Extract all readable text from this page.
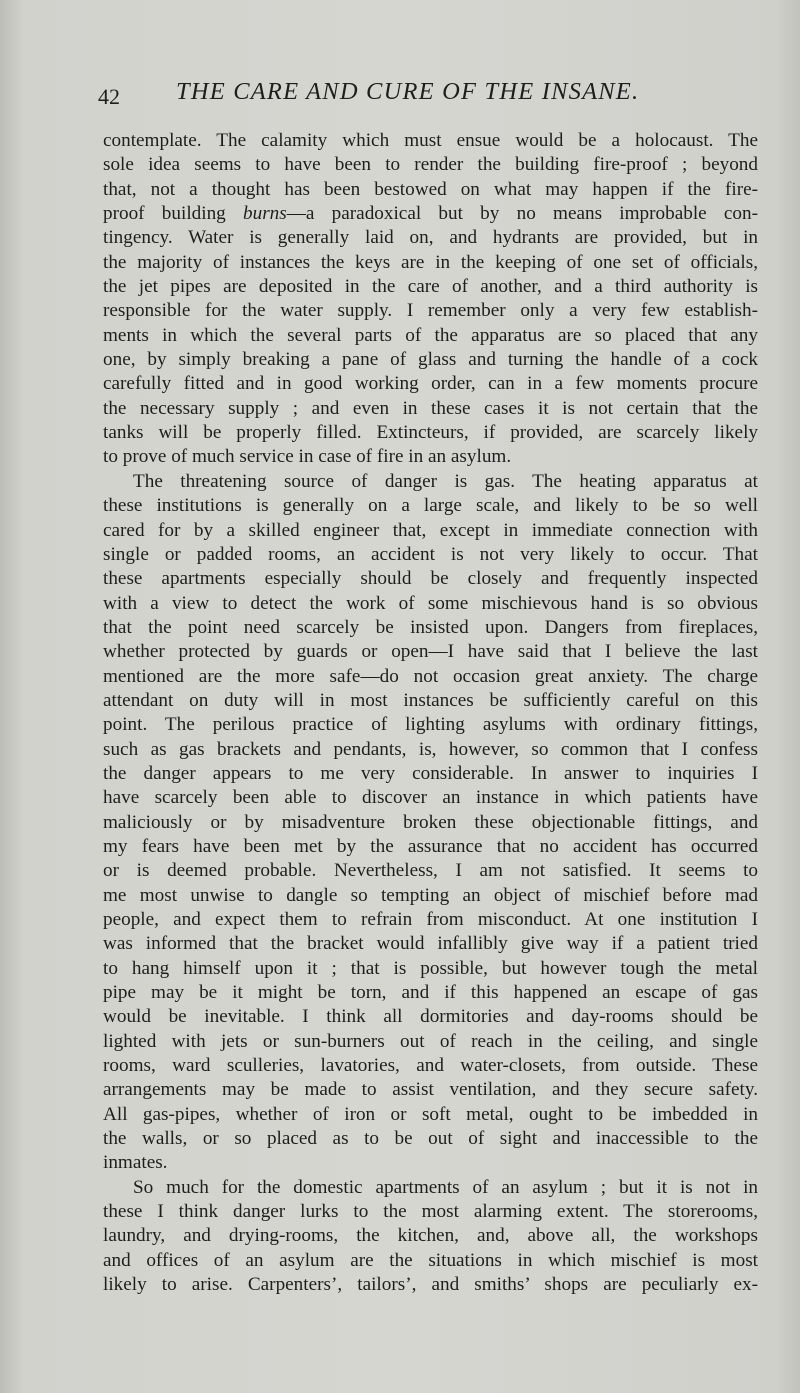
42 THE CARE AND CURE OF THE INSANE.
contemplate. The calamity which must ensue would be a holocaust. The
sole idea seems to have been to render the building fire-proof ; beyond
that, not a thought has been bestowed on what may happen if the fire-
proof building burns—a paradoxical but by no means improbable con-
tingency. Water is generally laid on, and hydrants are provided, but in
the majority of instances the keys are in the keeping of one set of officials,
the jet pipes are deposited in the care of another, and a third authority is
responsible for the water supply. I remember only a very few establish-
ments in which the several parts of the apparatus are so placed that any
one, by simply breaking a pane of glass and turning the handle of a cock
carefully fitted and in good working order, can in a few moments procure
the necessary supply ; and even in these cases it is not certain that the
tanks will be properly filled. Extincteurs, if provided, are scarcely likely
to prove of much service in case of fire in an asylum.
The threatening source of danger is gas. The heating apparatus at
these institutions is generally on a large scale, and likely to be so well
cared for by a skilled engineer that, except in immediate connection with
single or padded rooms, an accident is not very likely to occur. That
these apartments especially should be closely and frequently inspected
with a view to detect the work of some mischievous hand is so obvious
that the point need scarcely be insisted upon. Dangers from fireplaces,
whether protected by guards or open—I have said that I believe the last
mentioned are the more safe—do not occasion great anxiety. The charge
attendant on duty will in most instances be sufficiently careful on this
point. The perilous practice of lighting asylums with ordinary fittings,
such as gas brackets and pendants, is, however, so common that I confess
the danger appears to me very considerable. In answer to inquiries I
have scarcely been able to discover an instance in which patients have
maliciously or by misadventure broken these objectionable fittings, and
my fears have been met by the assurance that no accident has occurred
or is deemed probable. Nevertheless, I am not satisfied. It seems to
me most unwise to dangle so tempting an object of mischief before mad
people, and expect them to refrain from misconduct. At one institution I
was informed that the bracket would infallibly give way if a patient tried
to hang himself upon it ; that is possible, but however tough the metal
pipe may be it might be torn, and if this happened an escape of gas
would be inevitable. I think all dormitories and day-rooms should be
lighted with jets or sun-burners out of reach in the ceiling, and single
rooms, ward sculleries, lavatories, and water-closets, from outside. These
arrangements may be made to assist ventilation, and they secure safety.
All gas-pipes, whether of iron or soft metal, ought to be imbedded in
the walls, or so placed as to be out of sight and inaccessible to the
inmates.
So much for the domestic apartments of an asylum ; but it is not in
these I think danger lurks to the most alarming extent. The storerooms,
laundry, and drying-rooms, the kitchen, and, above all, the workshops
and offices of an asylum are the situations in which mischief is most
likely to arise. Carpenters’, tailors’, and smiths’ shops are peculiarly ex-
